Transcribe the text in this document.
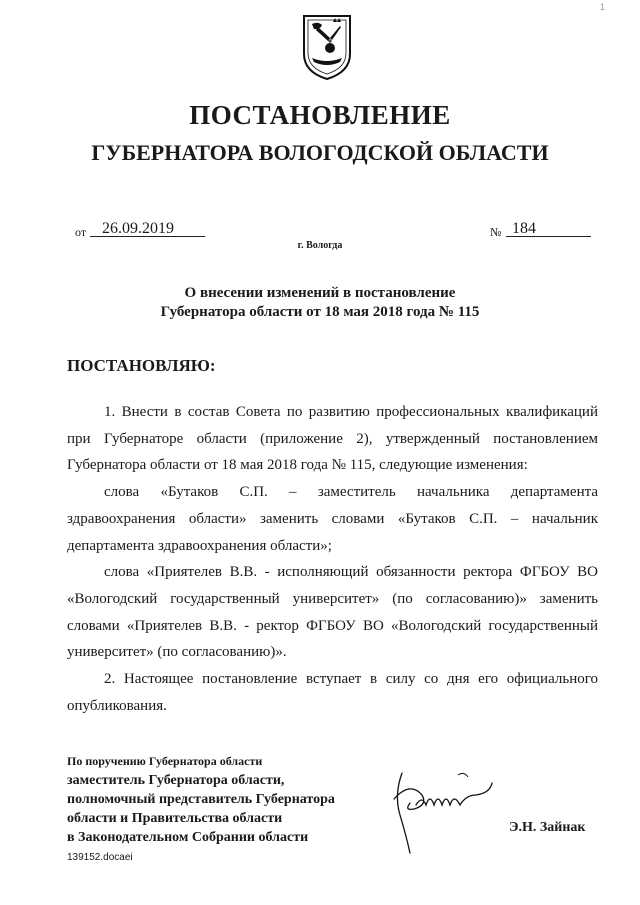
1
ПОСТАНОВЛЕНИЕ
ГУБЕРНАТОРА ВОЛОГОДСКОЙ ОБЛАСТИ
от 26.09.2019	№ 184
г. Вологда
О внесении изменений в постановление
Губернатора области от 18 мая 2018 года № 115
ПОСТАНОВЛЯЮ:

1. Внести в состав Совета по развитию профессиональных квалификаций при Губернаторе области (приложение 2), утвержденный постановлением Губернатора области от 18 мая 2018 года № 115, следующие изменения:

слова «Бутаков С.П. – заместитель начальника департамента здравоохранения области» заменить словами «Бутаков С.П. – начальник департамента здравоохранения области»;

слова «Приятелев В.В. - исполняющий обязанности ректора ФГБОУ ВО «Вологодский государственный университет» (по согласованию)» заменить словами «Приятелев В.В. - ректор ФГБОУ ВО «Вологодский государственный университет» (по согласованию)».

2. Настоящее постановление вступает в силу со дня его официального опубликования.

По поручению Губернатора области
заместитель Губернатора области,
полномочный представитель Губернатора
области и Правительства области
в Законодательном Собрании области
Э.Н. Зайнак
139152.docaei
